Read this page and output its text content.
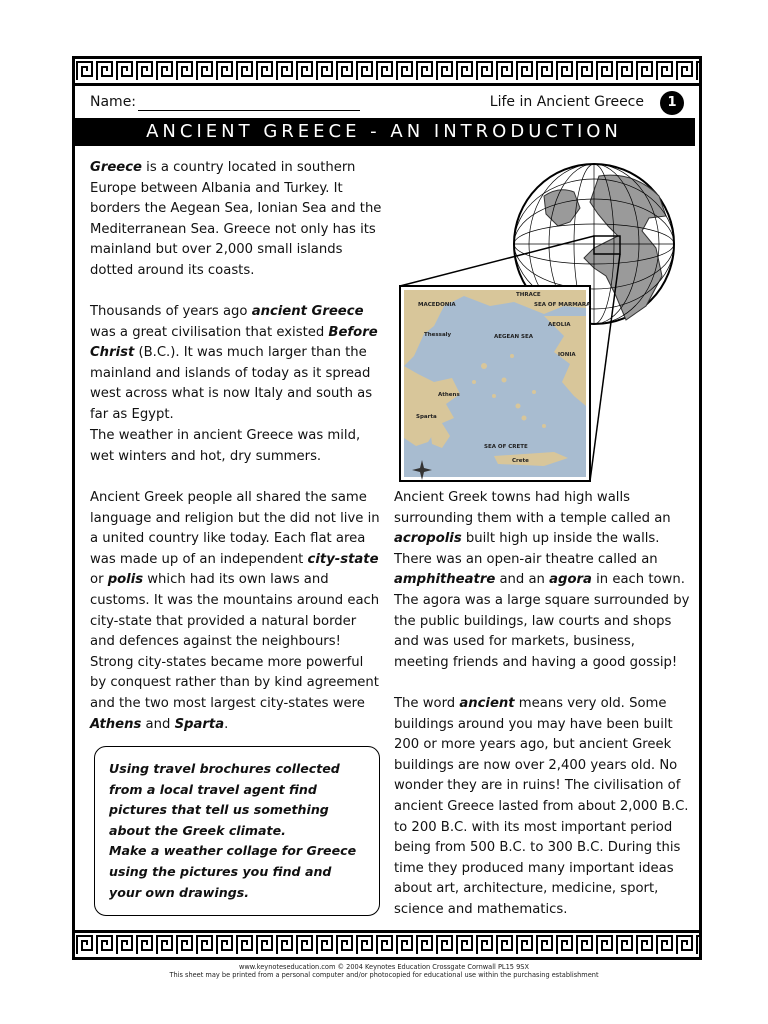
Name:	Life in Ancient Greece	1
ANCIENT GREECE - AN INTRODUCTION

Greece is a country located in southern Europe between Albania and Turkey. It borders the Aegean Sea, Ionian Sea and the Mediterranean Sea. Greece not only has its mainland but over 2,000 small islands dotted around its coasts.

Thousands of years ago ancient Greece was a great civilisation that existed Before Christ (B.C.). It was much larger than the mainland and islands of today as it spread west across what is now Italy and south as far as Egypt.

The weather in ancient Greece was mild, wet winters and hot, dry summers.

Ancient Greek people all shared the same language and religion but the did not live in a united country like today. Each flat area was made up of an independent city-state or polis which had its own laws and customs. It was the mountains around each city-state that provided a natural border and defences against the neighbours! Strong city-states became more powerful by conquest rather than by kind agreement and the two most largest city-states were Athens and Sparta.

Ancient Greek towns had high walls surrounding them with a temple called an acropolis built high up inside the walls. There was an open-air theatre called an amphitheatre and an agora in each town. The agora was a large square surrounded by the public buildings, law courts and shops and was used for markets, business, meeting friends and having a good gossip!

The word ancient means very old. Some buildings around you may have been built 200 or more years ago, but ancient Greek buildings are now over 2,400 years old. No wonder they are in ruins! The civilisation of ancient Greece lasted from about 2,000 B.C. to 200 B.C. with its most important period being from 500 B.C. to 300 B.C. During this time they produced many important ideas about art, architecture, medicine, sport, science and mathematics.

Using travel brochures collected from a local travel agent find pictures that tell us something about the Greek climate.
Make a weather collage for Greece using the pictures you find and your own drawings.
MACEDONIA
THRACE
SEA OF MARMARA
AEGEAN SEA
AEOLIA
IONIA
SEA OF CRETE
Crete
Thessaly
Athens
Sparta
www.keynoteseducation.com © 2004 Keynotes Education Crossgate Cornwall PL15 9SX
This sheet may be printed from a personal computer and/or photocopied for educational use within the purchasing establishment
